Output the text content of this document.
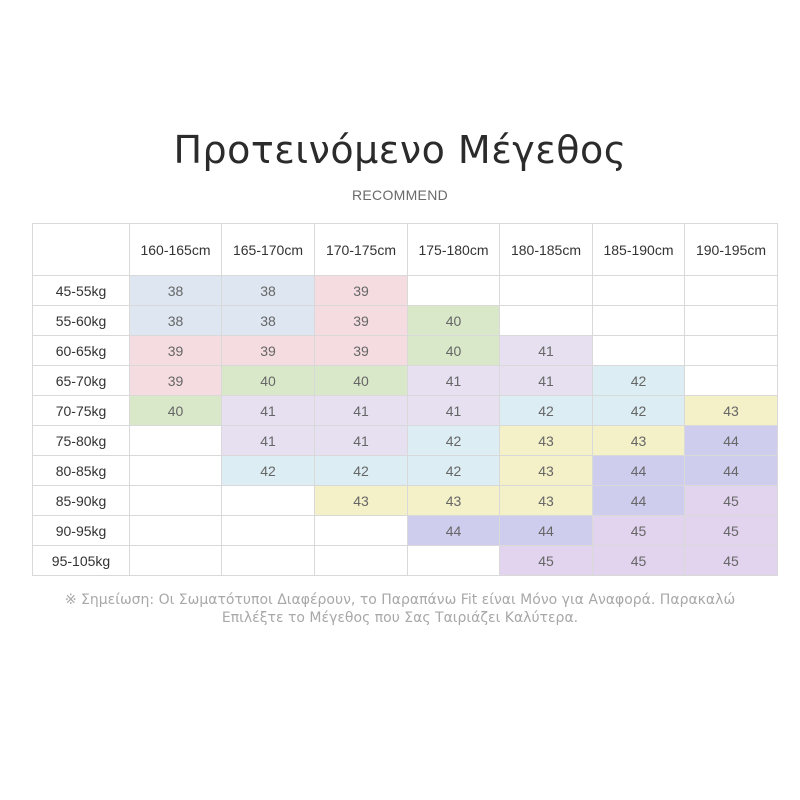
Προτεινόμενο Μέγεθος
RECOMMEND
	160-165cm	165-170cm	170-175cm	175-180cm	180-185cm	185-190cm	190-195cm
45-55kg	38	38	39				
55-60kg	38	38	39	40			
60-65kg	39	39	39	40	41		
65-70kg	39	40	40	41	41	42	
70-75kg	40	41	41	41	42	42	43
75-80kg		41	41	42	43	43	44
80-85kg		42	42	42	43	44	44
85-90kg			43	43	43	44	45
90-95kg				44	44	45	45
95-105kg					45	45	45
※ Σημείωση: Οι Σωματότυποι Διαφέρουν, το Παραπάνω Fit είναι Μόνο για Αναφορά. Παρακαλώ
Επιλέξτε το Μέγεθος που Σας Ταιριάζει Καλύτερα.
